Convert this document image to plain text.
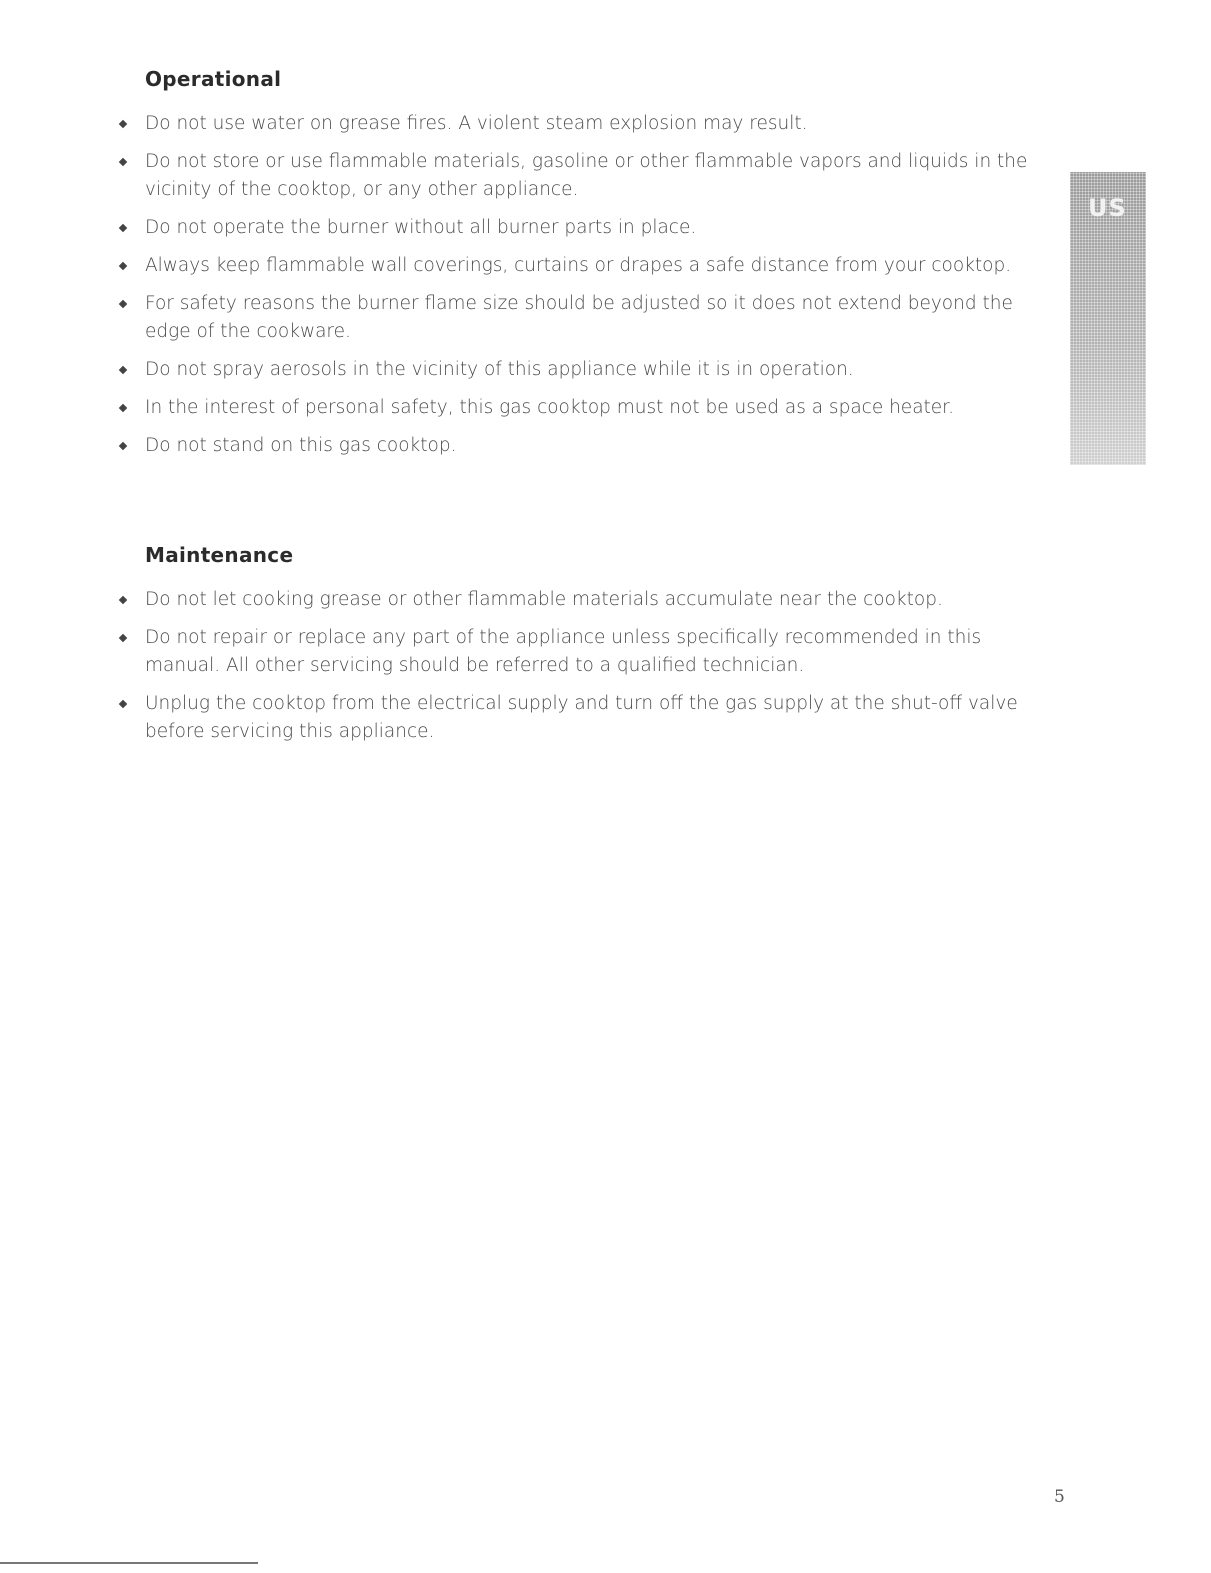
Operational
Do not use water on grease fires. A violent steam explosion may result.
Do not store or use flammable materials, gasoline or other flammable vapors and liquids in the vicinity of the cooktop, or any other appliance.
Do not operate the burner without all burner parts in place.
Always keep flammable wall coverings, curtains or drapes a safe distance from your cooktop.
For safety reasons the burner flame size should be adjusted so it does not extend beyond the edge of the cookware.
Do not spray aerosols in the vicinity of this appliance while it is in operation.
In the interest of personal safety, this gas cooktop must not be used as a space heater.
Do not stand on this gas cooktop.
US
Maintenance
Do not let cooking grease or other flammable materials accumulate near the cooktop.
Do not repair or replace any part of the appliance unless specifically recommended in this manual. All other servicing should be referred to a qualified technician.
Unplug the cooktop from the electrical supply and turn off the gas supply at the shut-off valve before servicing this appliance.
5
